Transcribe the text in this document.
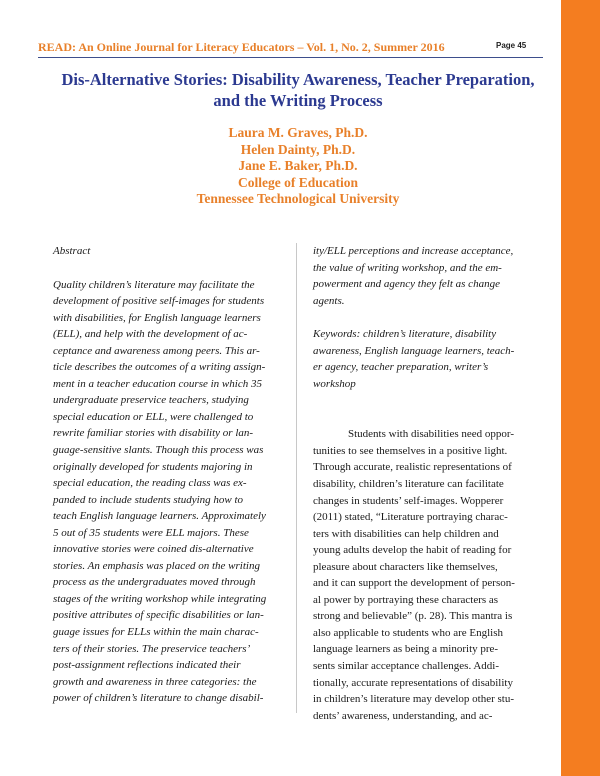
READ: An Online Journal for Literacy Educators – Vol. 1, No. 2, Summer 2016	Page 45
Dis-Alternative Stories: Disability Awareness, Teacher Preparation,
and the Writing Process
Laura M. Graves, Ph.D.
Helen Dainty, Ph.D.
Jane E. Baker, Ph.D.
College of Education
Tennessee Technological University

Abstract

Quality children’s literature may facilitate the
development of positive self-images for students
with disabilities, for English language learners
(ELL), and help with the development of ac-
ceptance and awareness among peers. This ar-
ticle describes the outcomes of a writing assign-
ment in a teacher education course in which 35
undergraduate preservice teachers, studying
special education or ELL, were challenged to
rewrite familiar stories with disability or lan-
guage-sensitive slants. Though this process was
originally developed for students majoring in
special education, the reading class was ex-
panded to include students studying how to
teach English language learners. Approximately
5 out of 35 students were ELL majors. These
innovative stories were coined dis-alternative
stories. An emphasis was placed on the writing
process as the undergraduates moved through
stages of the writing workshop while integrating
positive attributes of specific disabilities or lan-
guage issues for ELLs within the main charac-
ters of their stories. The preservice teachers’
post-assignment reflections indicated their
growth and awareness in three categories: the
power of children’s literature to change disabil-

ity/ELL perceptions and increase acceptance,
the value of writing workshop, and the em-
powerment and agency they felt as change
agents.

Keywords: children’s literature, disability
awareness, English language learners, teach-
er agency, teacher preparation, writer’s
workshop

Students with disabilities need oppor-
tunities to see themselves in a positive light.
Through accurate, realistic representations of
disability, children’s literature can facilitate
changes in students’ self-images. Wopperer
(2011) stated, “Literature portraying charac-
ters with disabilities can help children and
young adults develop the habit of reading for
pleasure about characters like themselves,
and it can support the development of person-
al power by portraying these characters as
strong and believable” (p. 28). This mantra is
also applicable to students who are English
language learners as being a minority pre-
sents similar acceptance challenges. Addi-
tionally, accurate representations of disability
in children’s literature may develop other stu-
dents’ awareness, understanding, and ac-
